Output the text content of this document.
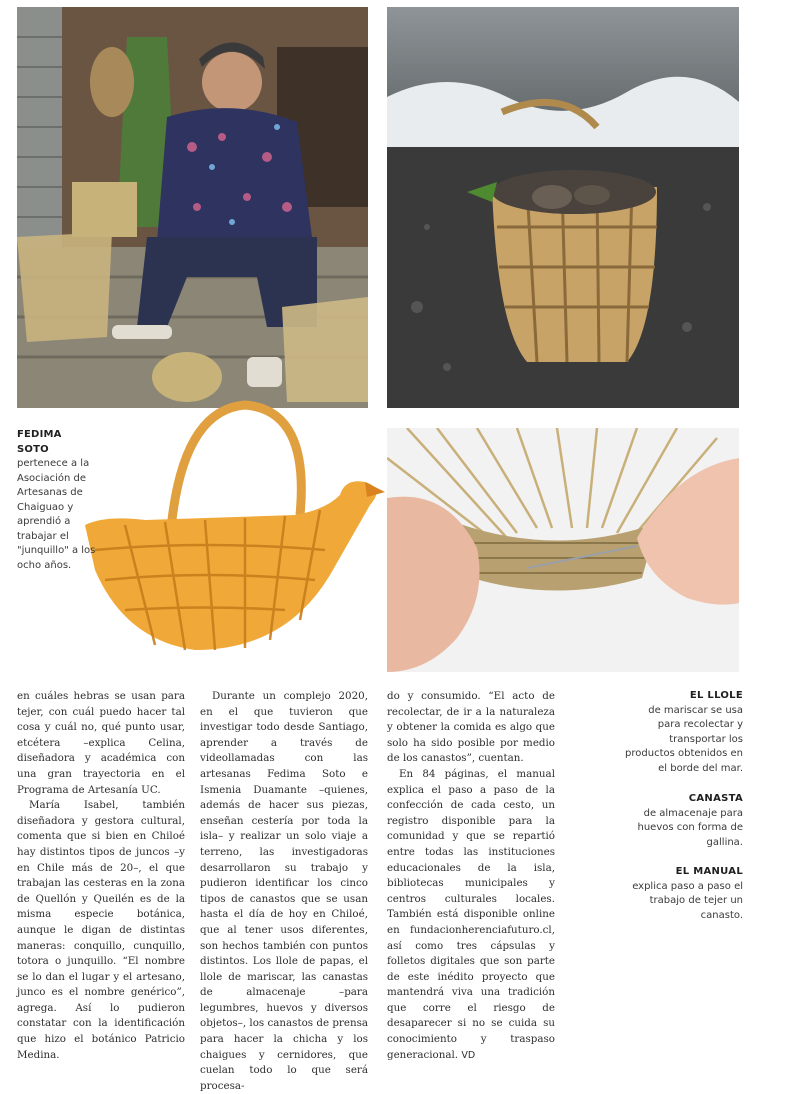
FEDIMA SOTO
pertenece a la Asociación de Artesanas de Chaiguao y aprendió a trabajar el "junquillo" a los ocho años.

en cuáles hebras se usan para tejer, con cuál puedo hacer tal cosa y cuál no, qué punto usar, etcétera –explica Celina, diseñadora y académica con una gran trayectoria en el Programa de Artesanía UC.

María Isabel, también diseñadora y gestora cultural, comenta que si bien en Chiloé hay distintos tipos de juncos –y en Chile más de 20–, el que trabajan las cesteras en la zona de Quellón y Queilén es de la misma especie botánica, aunque le digan de distintas maneras: conquillo, cunquillo, totora o junquillo. “El nombre se lo dan el lugar y el artesano, junco es el nombre genérico”, agrega. Así lo pudieron constatar con la identificación que hizo el botánico Patricio Medina.

Durante un complejo 2020, en el que tuvieron que investigar todo desde Santiago, aprender a través de videollamadas con las artesanas Fedima Soto e Ismenia Duamante –quienes, además de hacer sus piezas, enseñan cestería por toda la isla– y realizar un solo viaje a terreno, las investigadoras desarrollaron su trabajo y pudieron identificar los cinco tipos de canastos que se usan hasta el día de hoy en Chiloé, que al tener usos diferentes, son hechos también con puntos distintos. Los llole de papas, el llole de mariscar, las canastas de almacenaje –para legumbres, huevos y diversos objetos–, los canastos de prensa para hacer la chicha y los chaigues y cernidores, que cuelan todo lo que será procesa-

do y consumido. “El acto de recolectar, de ir a la naturaleza y obtener la comida es algo que solo ha sido posible por medio de los canastos”, cuentan.

En 84 páginas, el manual explica el paso a paso de la confección de cada cesto, un registro disponible para la comunidad y que se repartió entre todas las instituciones educacionales de la isla, bibliotecas municipales y centros culturales locales. También está disponible online en fundacionherenciafuturo.cl, así como tres cápsulas y folletos digitales que son parte de este inédito proyecto que mantendrá viva una tradición que corre el riesgo de desaparecer si no se cuida su conocimiento y traspaso generacional. VD

EL LLOLE
de mariscar se usa para recolectar y transportar los productos obtenidos en el borde del mar.
CANASTA
de almacenaje para huevos con forma de gallina.
EL MANUAL
explica paso a paso el trabajo de tejer un canasto.
